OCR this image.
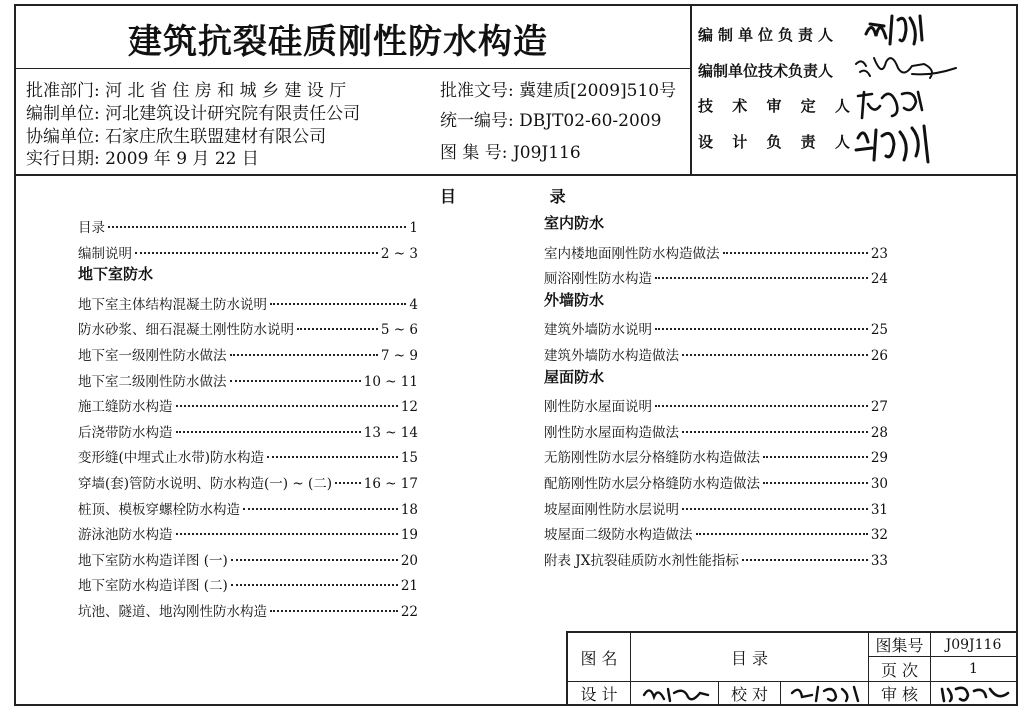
建筑抗裂硅质刚性防水构造
批准部门: 河 北 省 住 房 和 城 乡 建 设 厅
编制单位: 河北建筑设计研究院有限责任公司
协编单位: 石家庄欣生联盟建材有限公司
实行日期: 2009 年 9 月 22 日
批准文号: 冀建质[2009]510号
统一编号: DBJT02-60-2009
图 集 号: J09J116
编制单位负责人
编制单位技术负责人
技 术 审 定 人
设 计 负 责 人
目 录
目录	1
编制说明	2 ~ 3
地下室防水
地下室主体结构混凝土防水说明	4
防水砂浆、细石混凝土刚性防水说明	5 ~ 6
地下室一级刚性防水做法	7 ~ 9
地下室二级刚性防水做法	10 ~ 11
施工缝防水构造	12
后浇带防水构造	13 ~ 14
变形缝(中埋式止水带)防水构造	15
穿墙(套)管防水说明、防水构造(一) ~ (二) 16 ~ 17
桩顶、模板穿螺栓防水构造	18
游泳池防水构造	19
地下室防水构造详图 (一)	20
地下室防水构造详图 (二)	21
坑池、隧道、地沟刚性防水构造	22
室内防水
室内楼地面刚性防水构造做法	23
厕浴刚性防水构造	24
外墙防水
建筑外墙防水说明	25
建筑外墙防水构造做法	26
屋面防水
刚性防水屋面说明	27
刚性防水屋面构造做法	28
无筋刚性防水层分格缝防水构造做法	29
配筋刚性防水层分格缝防水构造做法	30
坡屋面刚性防水层说明	31
坡屋面二级防水构造做法	32
附表 JX抗裂硅质防水剂性能指标	33
图 名	目 录
图集号	J09J116
页 次	1
设 计	校 对	审 核
